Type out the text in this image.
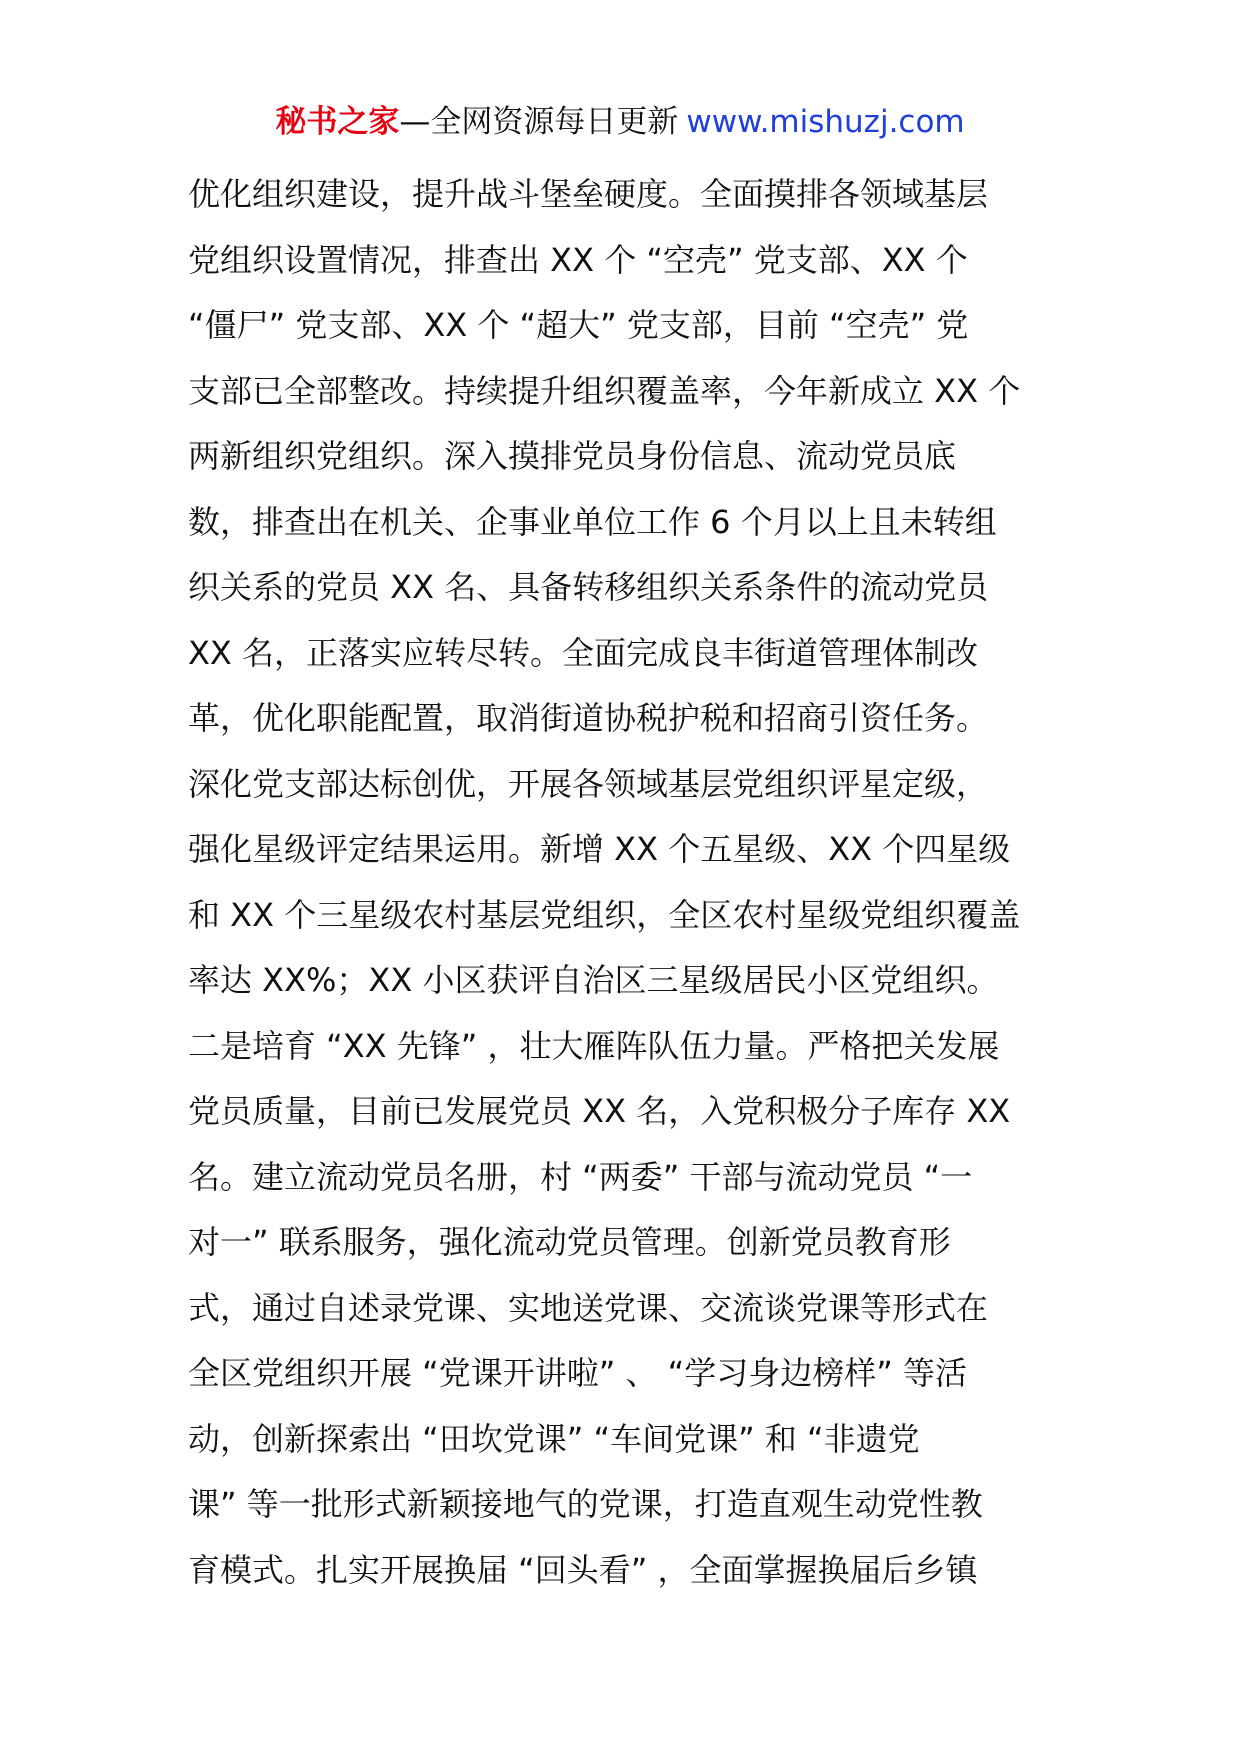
秘书之家—全网资源每日更新 www.mishuzj.com
优化组织建设，提升战斗堡垒硬度。全面摸排各领域基层
党组织设置情况，排查出 XX 个 “空壳” 党支部、XX 个
“僵尸” 党支部、XX 个 “超大” 党支部，目前 “空壳” 党
支部已全部整改。持续提升组织覆盖率，今年新成立 XX 个
两新组织党组织。深入摸排党员身份信息、流动党员底
数，排查出在机关、企事业单位工作 6 个月以上且未转组
织关系的党员 XX 名、具备转移组织关系条件的流动党员
XX 名，正落实应转尽转。全面完成良丰街道管理体制改
革，优化职能配置，取消街道协税护税和招商引资任务。
深化党支部达标创优，开展各领域基层党组织评星定级，
强化星级评定结果运用。新增 XX 个五星级、XX 个四星级
和 XX 个三星级农村基层党组织，全区农村星级党组织覆盖
率达 XX%；XX 小区获评自治区三星级居民小区党组织。
二是培育 “XX 先锋” ，壮大雁阵队伍力量。严格把关发展
党员质量，目前已发展党员 XX 名，入党积极分子库存 XX
名。建立流动党员名册，村 “两委” 干部与流动党员 “一
对一” 联系服务，强化流动党员管理。创新党员教育形
式，通过自述录党课、实地送党课、交流谈党课等形式在
全区党组织开展 “党课开讲啦” 、 “学习身边榜样” 等活
动，创新探索出 “田坎党课” “车间党课” 和 “非遗党
课” 等一批形式新颖接地气的党课，打造直观生动党性教
育模式。扎实开展换届 “回头看” ，全面掌握换届后乡镇
